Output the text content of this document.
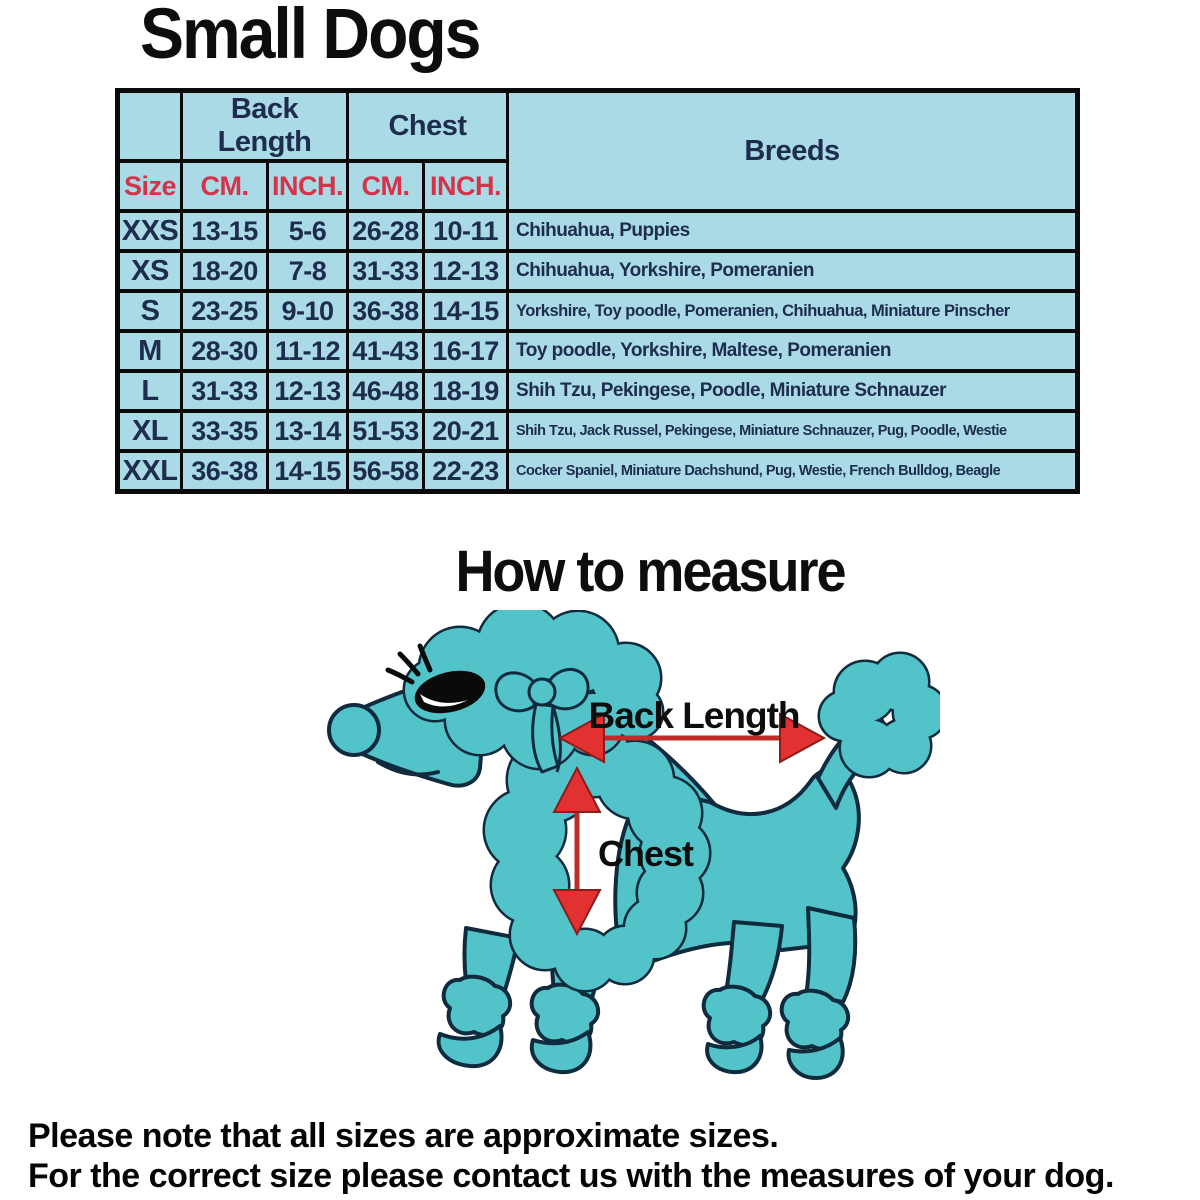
Small Dogs
	Back Length		Chest		Breeds
Size	CM.	INCH.	CM.	INCH.	
XXS	13-15	5-6	26-28	10-11	Chihuahua, Puppies
XS	18-20	7-8	31-33	12-13	Chihuahua, Yorkshire, Pomeranien
S	23-25	9-10	36-38	14-15	Yorkshire, Toy poodle, Pomeranien, Chihuahua, Miniature Pinscher
M	28-30	11-12	41-43	16-17	Toy poodle, Yorkshire, Maltese, Pomeranien
L	31-33	12-13	46-48	18-19	Shih Tzu, Pekingese, Poodle, Miniature Schnauzer
XL	33-35	13-14	51-53	20-21	Shih Tzu, Jack Russel, Pekingese, Miniature Schnauzer, Pug, Poodle, Westie
XXL	36-38	14-15	56-58	22-23	Cocker Spaniel, Miniature Dachshund, Pug, Westie, French Bulldog, Beagle
How to measure
Back Length
Chest
Please note that all sizes are approximate sizes.
For the correct size please contact us with the measures of your dog.
